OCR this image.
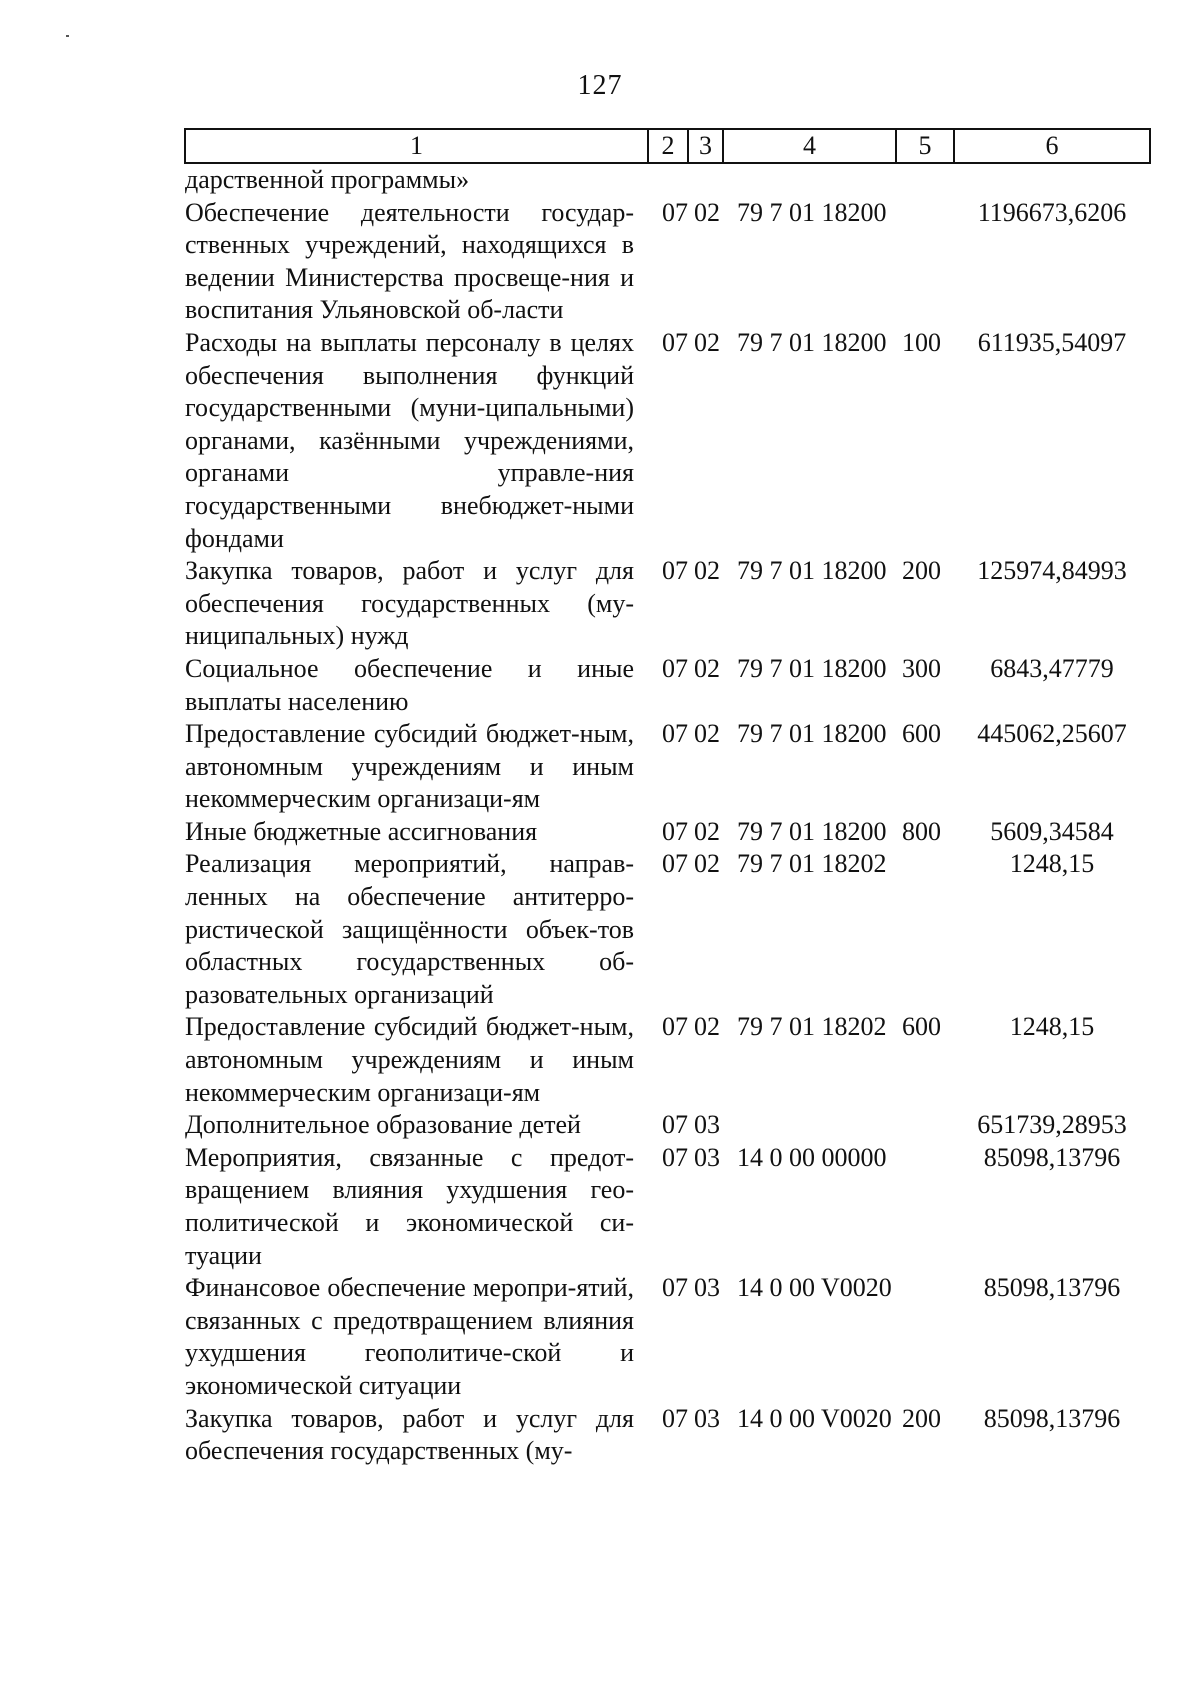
127
1	2	3	4	5	6
дарственной программы»					
Обеспечение деятельности государ-ственных учреждений, находящихся в ведении Министерства просвеще-ния и воспитания Ульяновской об-ласти	07	02	79 7 01 18200		1196673,6206
Расходы на выплаты персоналу в целях обеспечения выполнения функций государственными (муни-ципальными) органами, казёнными учреждениями, органами управле-ния государственными внебюджет-ными фондами	07	02	79 7 01 18200	100	611935,54097
Закупка товаров, работ и услуг для обеспечения государственных (му-ниципальных) нужд	07	02	79 7 01 18200	200	125974,84993
Социальное обеспечение и иные выплаты населению	07	02	79 7 01 18200	300	6843,47779
Предоставление субсидий бюджет-ным, автономным учреждениям и иным некоммерческим организаци-ям	07	02	79 7 01 18200	600	445062,25607
Иные бюджетные ассигнования	07	02	79 7 01 18200	800	5609,34584
Реализация мероприятий, направ-ленных на обеспечение антитерро-ристической защищённости объек-тов областных государственных об-разовательных организаций	07	02	79 7 01 18202		1248,15
Предоставление субсидий бюджет-ным, автономным учреждениям и иным некоммерческим организаци-ям	07	02	79 7 01 18202	600	1248,15
Дополнительное образование детей	07	03			651739,28953
Мероприятия, связанные с предот-вращением влияния ухудшения гео-политической и экономической си-туации	07	03	14 0 00 00000		85098,13796
Финансовое обеспечение меропри-ятий, связанных с предотвращением влияния ухудшения геополитиче-ской и экономической ситуации	07	03	14 0 00 V0020		85098,13796
Закупка товаров, работ и услуг для обеспечения государственных (му-	07	03	14 0 00 V0020	200	85098,13796
